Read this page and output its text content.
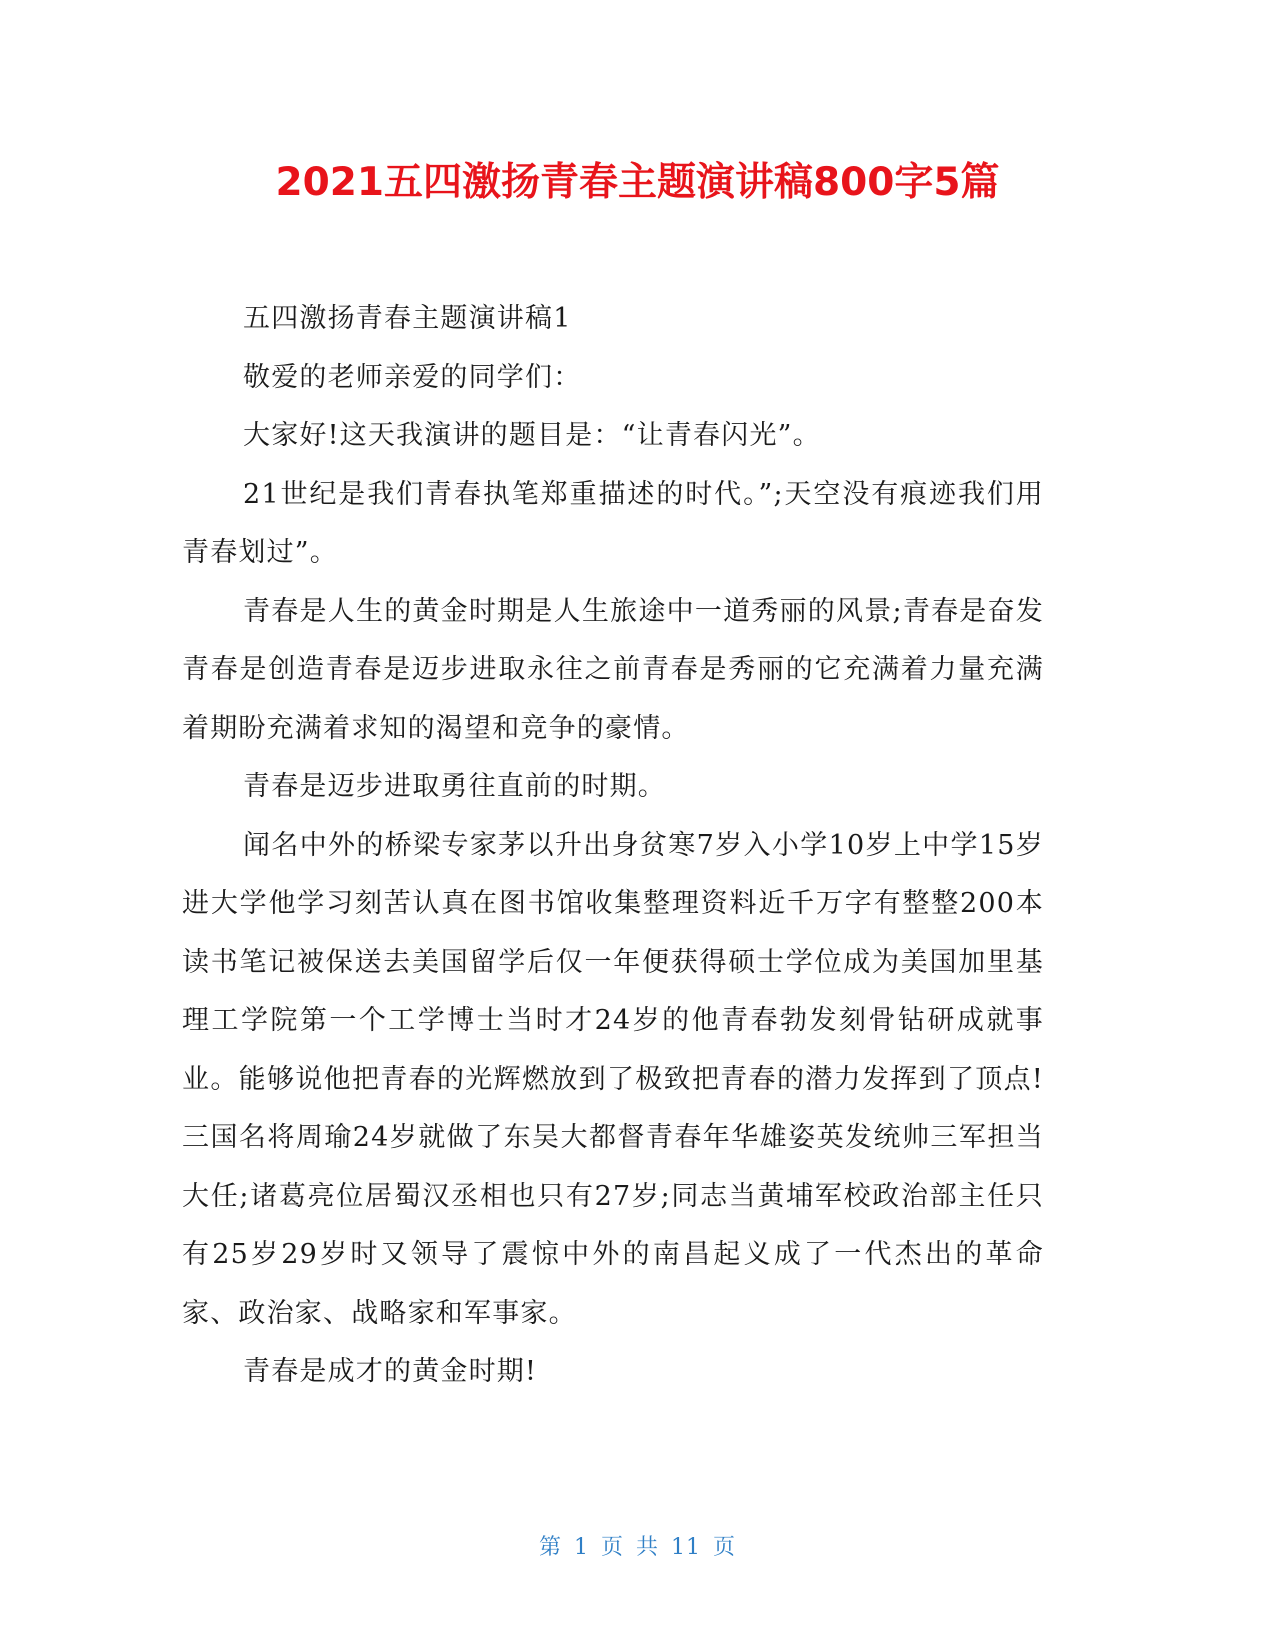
2021五四激扬青春主题演讲稿800字5篇

五四激扬青春主题演讲稿1

敬爱的老师亲爱的同学们：

大家好!这天我演讲的题目是：“让青春闪光”。

21世纪是我们青春执笔郑重描述的时代。”;天空没有痕迹我们用青春划过”。

青春是人生的黄金时期是人生旅途中一道秀丽的风景;青春是奋发青春是创造青春是迈步进取永往之前青春是秀丽的它充满着力量充满着期盼充满着求知的渴望和竞争的豪情。

青春是迈步进取勇往直前的时期。

闻名中外的桥梁专家茅以升出身贫寒7岁入小学10岁上中学15岁进大学他学习刻苦认真在图书馆收集整理资料近千万字有整整200本读书笔记被保送去美国留学后仅一年便获得硕士学位成为美国加里基理工学院第一个工学博士当时才24岁的他青春勃发刻骨钻研成就事业。能够说他把青春的光辉燃放到了极致把青春的潜力发挥到了顶点!三国名将周瑜24岁就做了东吴大都督青春年华雄姿英发统帅三军担当大任;诸葛亮位居蜀汉丞相也只有27岁;同志当黄埔军校政治部主任只有25岁29岁时又领导了震惊中外的南昌起义成了一代杰出的革命家、政治家、战略家和军事家。

青春是成才的黄金时期!

第 1 页 共 11 页
